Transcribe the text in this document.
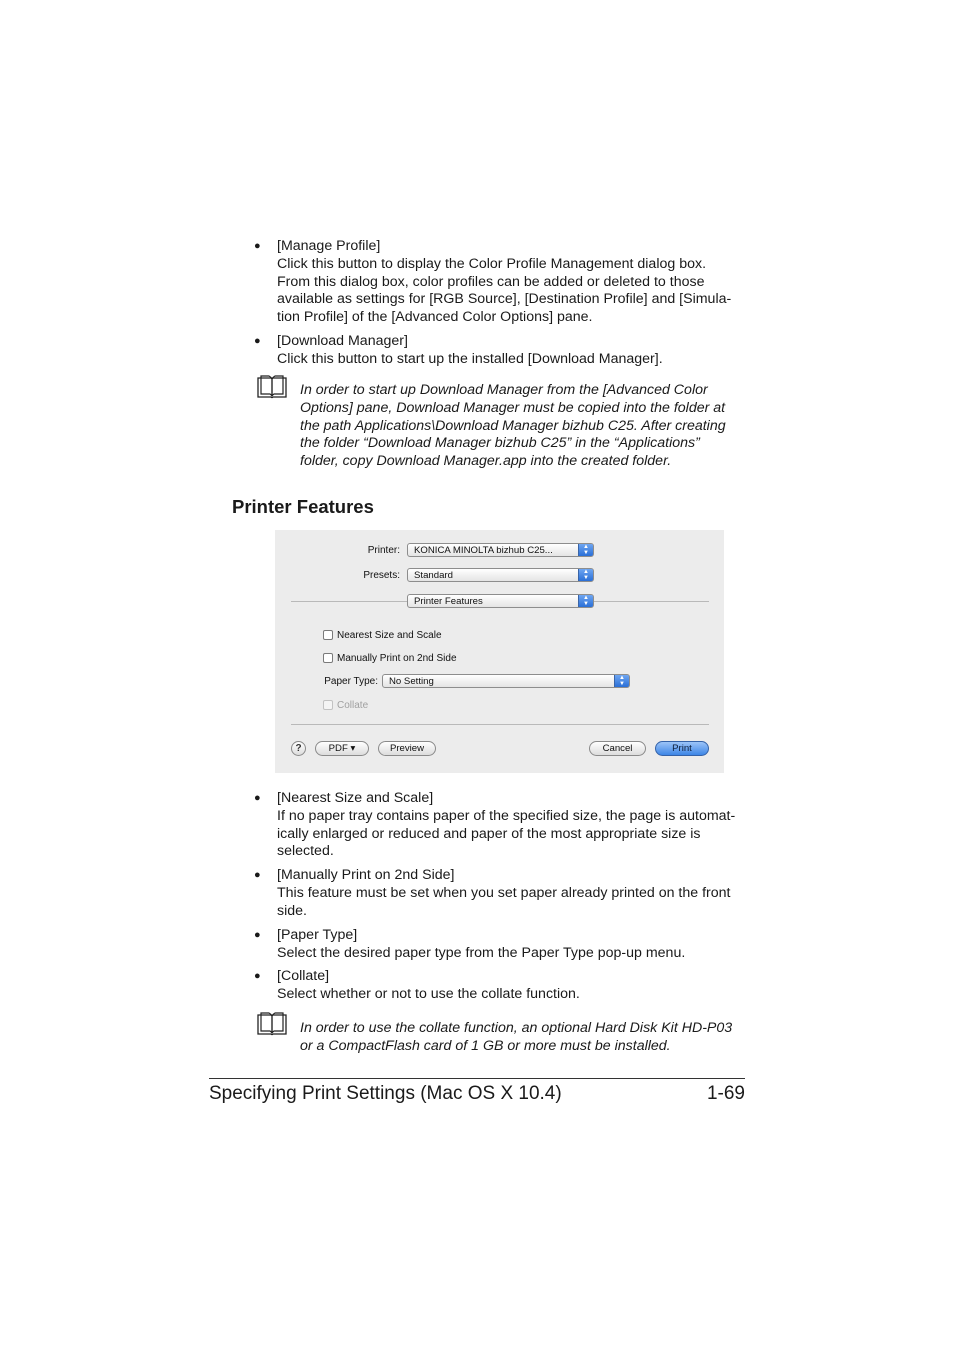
● [Manage Profile]
Click this button to display the Color Profile Management dialog box.
From this dialog box, color profiles can be added or deleted to those
available as settings for [RGB Source], [Destination Profile] and [Simula-
tion Profile] of the [Advanced Color Options] pane.
● [Download Manager]
Click this button to start up the installed [Download Manager].
In order to start up Download Manager from the [Advanced Color
Options] pane, Download Manager must be copied into the folder at
the path Applications\Download Manager bizhub C25. After creating
the folder “Download Manager bizhub C25” in the “Applications”
folder, copy Download Manager.app into the created folder.
Printer Features
Printer:	KONICA MINOLTA bizhub C25...	▲
▼
Presets:	Standard	▲
▼
Printer Features	▲
▼
Nearest Size and Scale
Manually Print on 2nd Side
Paper Type:	No Setting	▲
▼
Collate
?	PDF ▾	Preview	Cancel	Print
● [Nearest Size and Scale]
If no paper tray contains paper of the specified size, the page is automat-
ically enlarged or reduced and paper of the most appropriate size is
selected.
● [Manually Print on 2nd Side]
This feature must be set when you set paper already printed on the front
side.
● [Paper Type]
Select the desired paper type from the Paper Type pop-up menu.
● [Collate]
Select whether or not to use the collate function.
In order to use the collate function, an optional Hard Disk Kit HD-P03
or a CompactFlash card of 1 GB or more must be installed.
Specifying Print Settings (Mac OS X 10.4)	1-69
